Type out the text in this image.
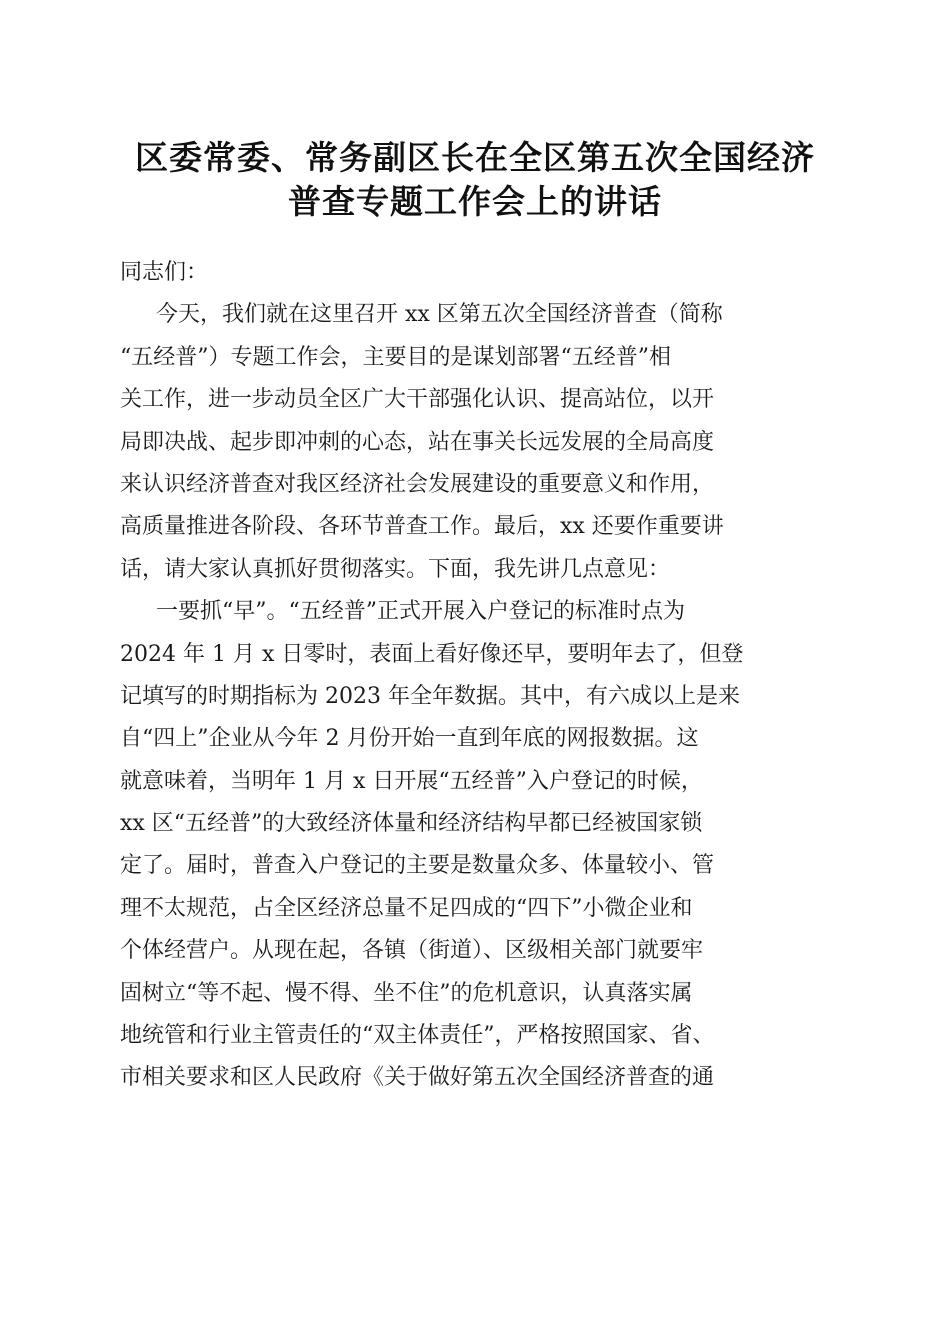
区委常委、常务副区长在全区第五次全国经济
普查专题工作会上的讲话
同志们：
今天，我们就在这里召开 xx 区第五次全国经济普查（简称
“五经普”）专题工作会，主要目的是谋划部署“五经普”相
关工作，进一步动员全区广大干部强化认识、提高站位，以开
局即决战、起步即冲刺的心态，站在事关长远发展的全局高度
来认识经济普查对我区经济社会发展建设的重要意义和作用，
高质量推进各阶段、各环节普查工作。最后，xx 还要作重要讲
话，请大家认真抓好贯彻落实。下面，我先讲几点意见：
一要抓“早”。“五经普”正式开展入户登记的标准时点为
2024 年 1 月 x 日零时，表面上看好像还早，要明年去了，但登
记填写的时期指标为 2023 年全年数据。其中，有六成以上是来
自“四上”企业从今年 2 月份开始一直到年底的网报数据。这
就意味着，当明年 1 月 x 日开展“五经普”入户登记的时候，
xx 区“五经普”的大致经济体量和经济结构早都已经被国家锁
定了。届时，普查入户登记的主要是数量众多、体量较小、管
理不太规范，占全区经济总量不足四成的“四下”小微企业和
个体经营户。从现在起，各镇（街道）、区级相关部门就要牢
固树立“等不起、慢不得、坐不住”的危机意识，认真落实属
地统管和行业主管责任的“双主体责任”，严格按照国家、省、
市相关要求和区人民政府《关于做好第五次全国经济普查的通
